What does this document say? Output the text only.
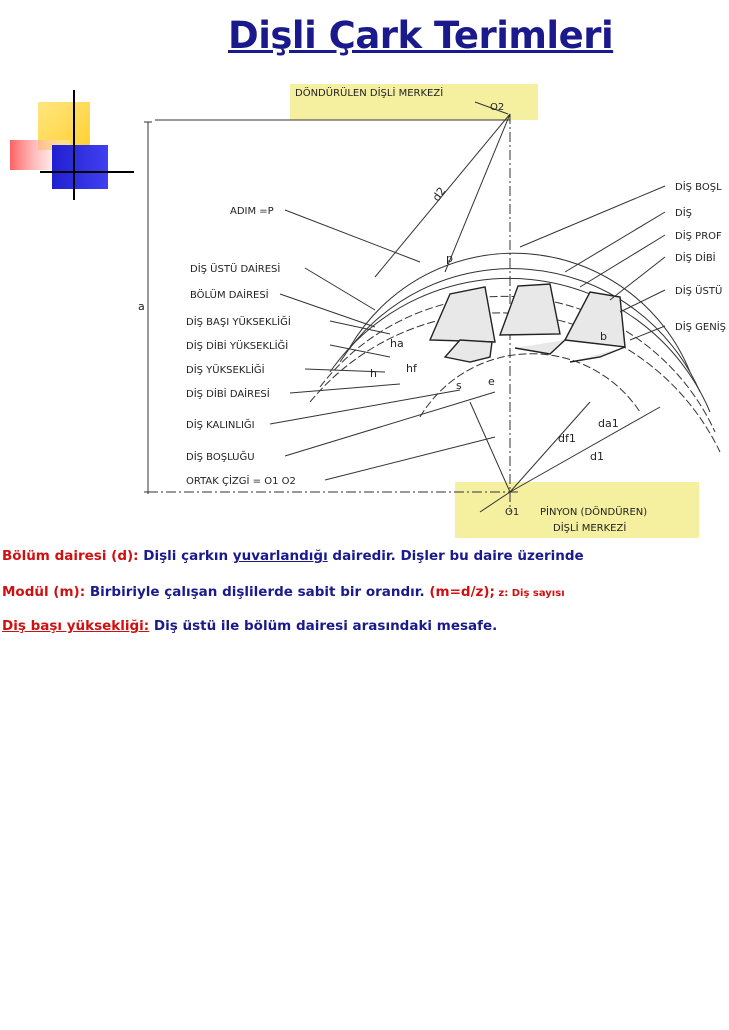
Dişli Çark Terimleri
a
d2
p
ha
hf
h
s e
b
df1
da1
d1
DÖNDÜRÜLEN DİŞLİ MERKEZİ
O2
O1 PİNYON (DÖNDÜREN)
DİŞLİ MERKEZİ
ADIM =P
DİŞ ÜSTÜ DAİRESİ
BÖLÜM DAİRESİ
DİŞ BAŞI YÜKSEKLİĞİ
DİŞ DİBİ YÜKSEKLİĞİ
DİŞ YÜKSEKLİĞİ
DİŞ DİBİ DAİRESİ
DİŞ KALINLIĞI
DİŞ BOŞLUĞU
ORTAK ÇİZGİ = O1 O2
DİŞ BOŞL
DİŞ
DİŞ PROF
DİŞ DİBİ
DİŞ ÜSTÜ
DİŞ GENİŞ
Bölüm dairesi (d): Dişli çarkın yuvarlandığı dairedir. Dişler bu daire üzerinde
Modül (m): Birbiriyle çalışan dişlilerde sabit bir orandır. (m=d/z); z: Diş sayısı
Diş başı yüksekliği: Diş üstü ile bölüm dairesi arasındaki mesafe.
